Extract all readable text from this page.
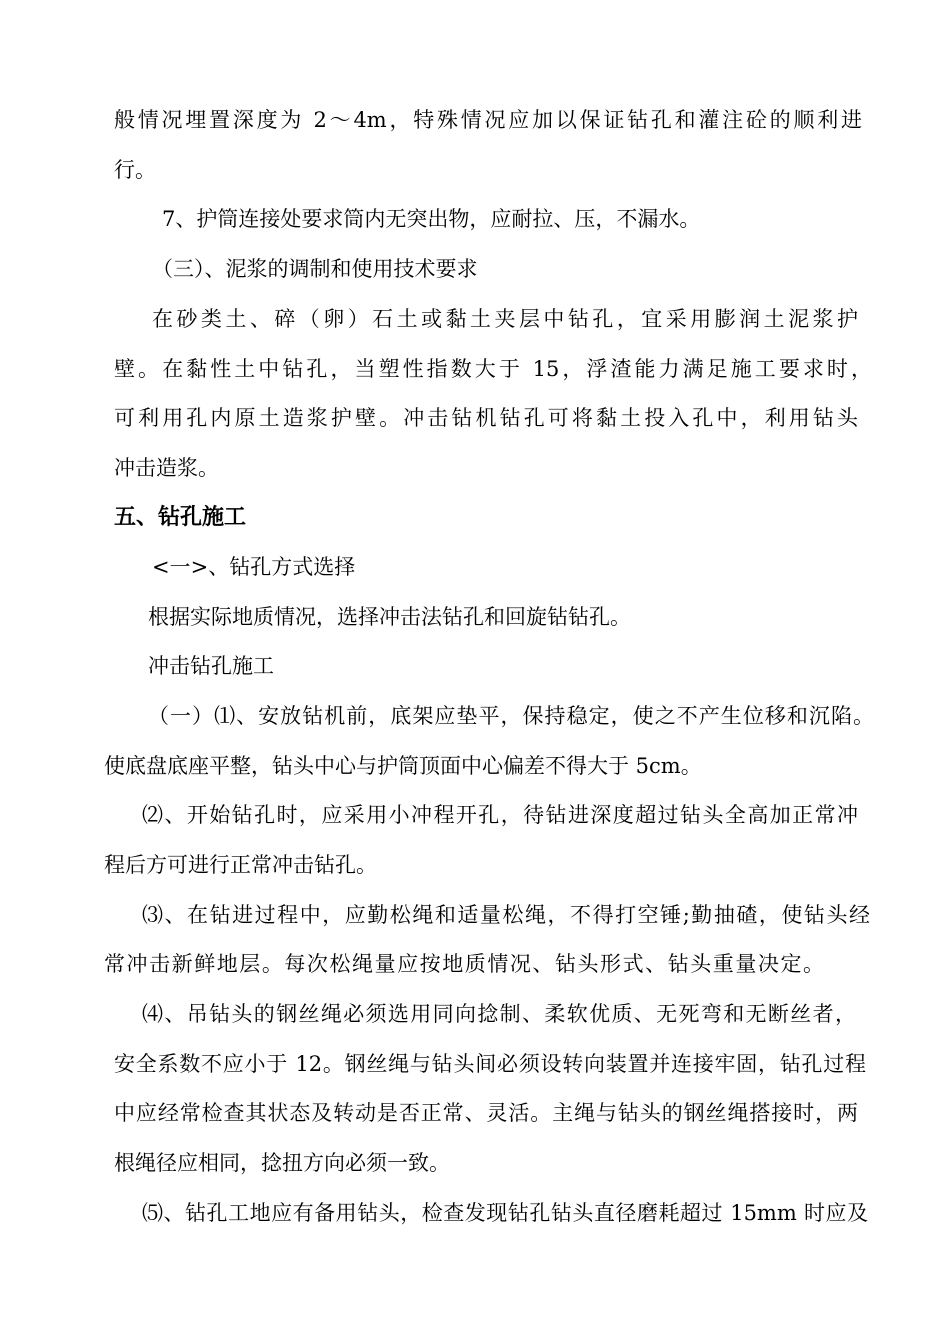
般情况埋置深度为 2～4m，特殊情况应加以保证钻孔和灌注砼的顺利进
行。
7、护筒连接处要求筒内无突出物，应耐拉、压，不漏水。
（三）、泥浆的调制和使用技术要求
在砂类土、碎（卵）石土或黏土夹层中钻孔，宜采用膨润土泥浆护
壁。在黏性土中钻孔，当塑性指数大于 15，浮渣能力满足施工要求时，
可利用孔内原土造浆护壁。冲击钻机钻孔可将黏土投入孔中，利用钻头
冲击造浆。
五、钻孔施工
<一>、钻孔方式选择
根据实际地质情况，选择冲击法钻孔和回旋钻钻孔。
冲击钻孔施工
（一）⑴、安放钻机前，底架应垫平，保持稳定，使之不产生位移和沉陷。
使底盘底座平整，钻头中心与护筒顶面中心偏差不得大于 5cm。
⑵、开始钻孔时，应采用小冲程开孔，待钻进深度超过钻头全高加正常冲
程后方可进行正常冲击钻孔。
⑶、在钻进过程中，应勤松绳和适量松绳，不得打空锤;勤抽碴，使钻头经
常冲击新鲜地层。每次松绳量应按地质情况、钻头形式、钻头重量决定。
⑷、吊钻头的钢丝绳必须选用同向捻制、柔软优质、无死弯和无断丝者，
安全系数不应小于 12。钢丝绳与钻头间必须设转向装置并连接牢固，钻孔过程
中应经常检查其状态及转动是否正常、灵活。主绳与钻头的钢丝绳搭接时，两
根绳径应相同，捻扭方向必须一致。
⑸、钻孔工地应有备用钻头，检查发现钻孔钻头直径磨耗超过 15mm 时应及
